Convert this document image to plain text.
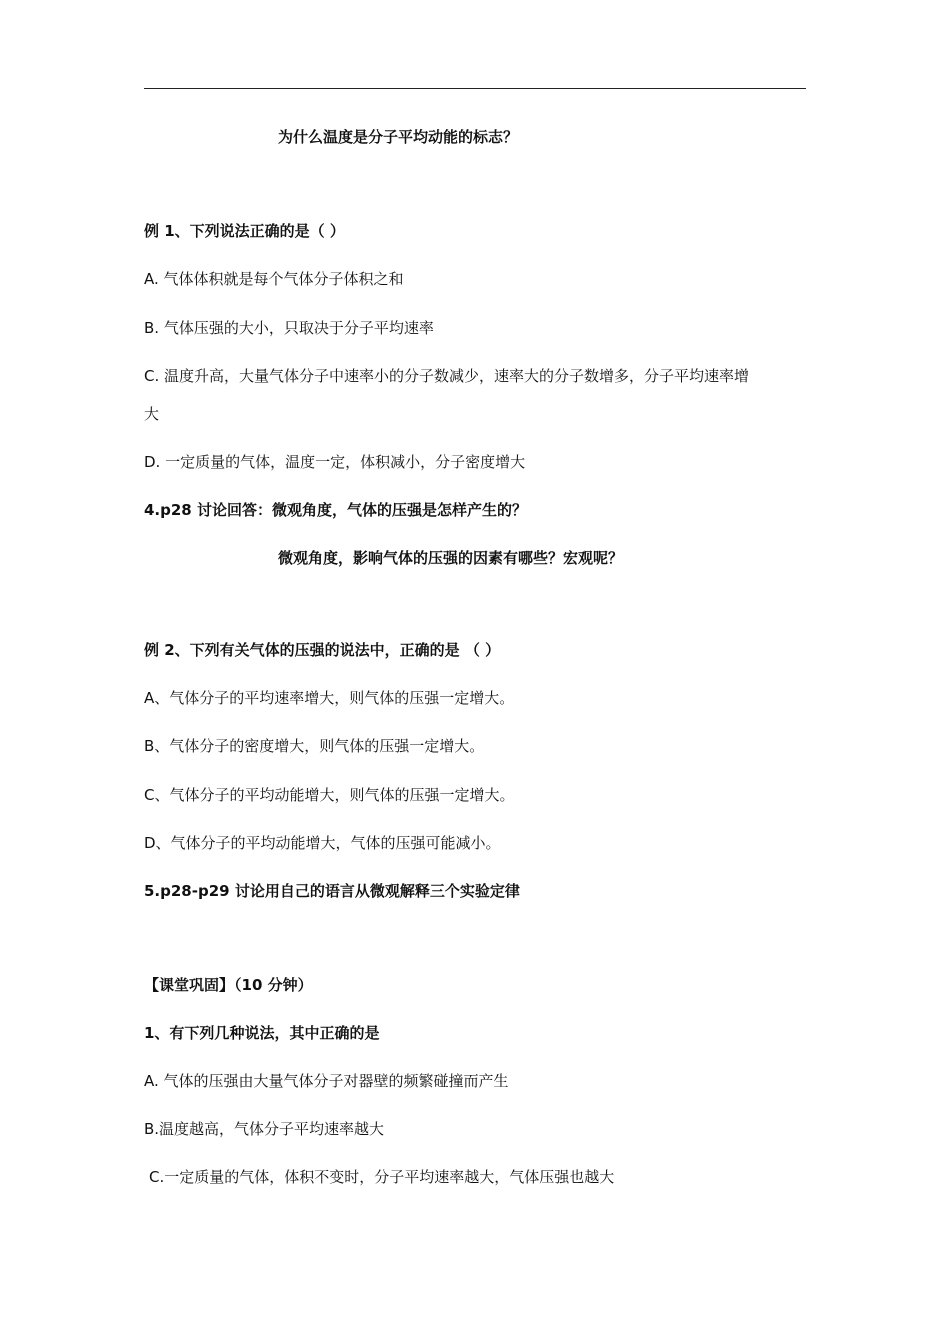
为什么温度是分子平均动能的标志？
例 1、下列说法正确的是（ ）
A. 气体体积就是每个气体分子体积之和
B. 气体压强的大小，只取决于分子平均速率
C. 温度升高，大量气体分子中速率小的分子数减少，速率大的分子数增多，分子平均速率增
大
D. 一定质量的气体，温度一定，体积减小，分子密度增大
4.p28 讨论回答：微观角度，气体的压强是怎样产生的？
微观角度，影响气体的压强的因素有哪些？宏观呢？
例 2、下列有关气体的压强的说法中，正确的是 （ ）
A、气体分子的平均速率增大，则气体的压强一定增大。
B、气体分子的密度增大，则气体的压强一定增大。
C、气体分子的平均动能增大，则气体的压强一定增大。
D、气体分子的平均动能增大，气体的压强可能减小。
5.p28-p29 讨论用自己的语言从微观解释三个实验定律
【课堂巩固】（10 分钟）
1、有下列几种说法，其中正确的是
A. 气体的压强由大量气体分子对器壁的频繁碰撞而产生
B.温度越高，气体分子平均速率越大
C.一定质量的气体，体积不变时，分子平均速率越大，气体压强也越大
